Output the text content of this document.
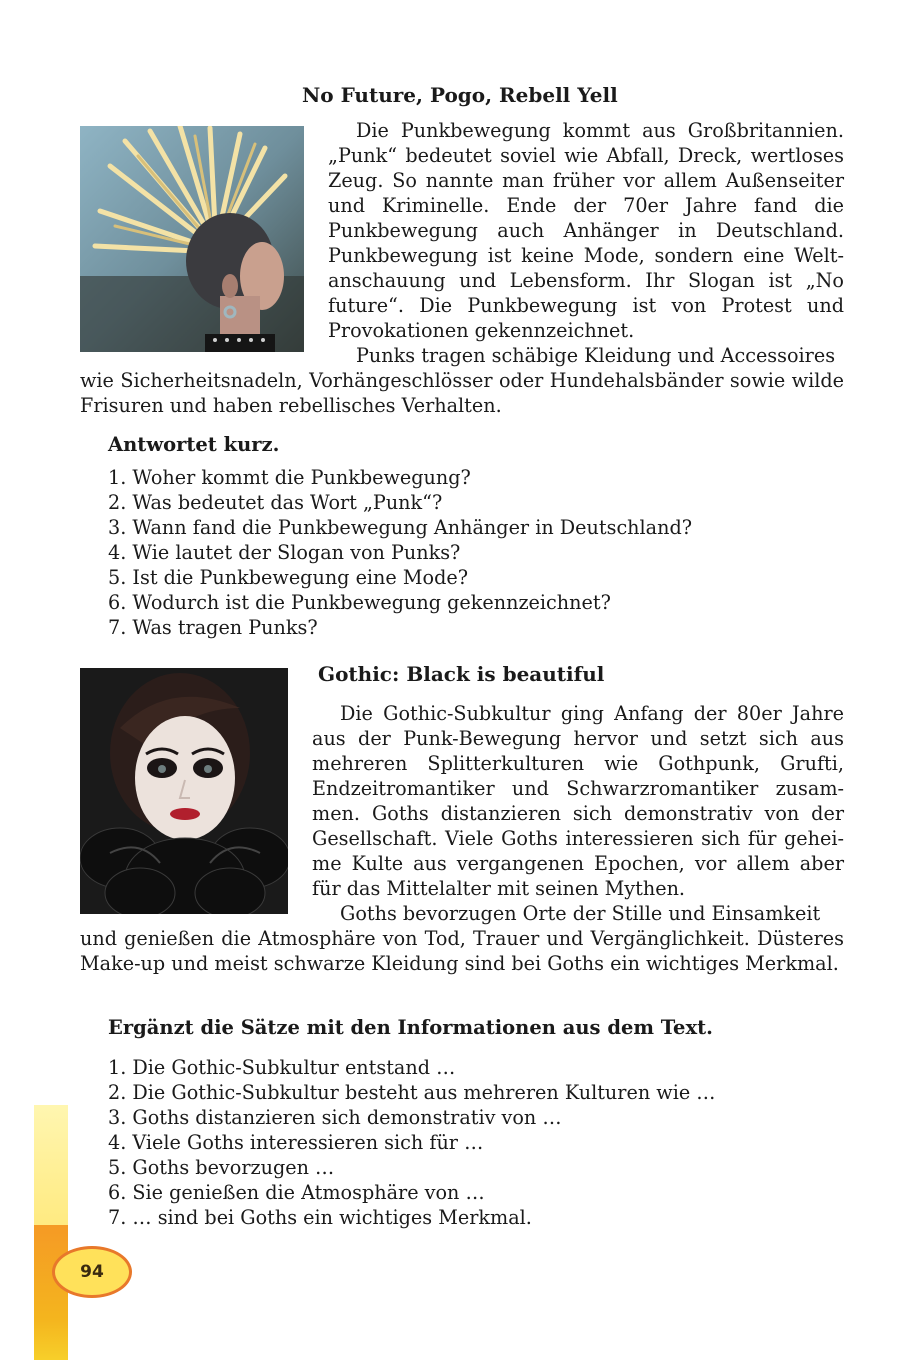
94
No Future, Pogo, Rebell Yell
Die Punkbewegung kommt aus Großbritannien. „Punk“ bedeutet soviel wie Abfall, Dreck, wertloses Zeug. So nannte man früher vor allem Außenseiter und Kriminelle. Ende der 70er Jahre fand die Punkbewegung auch Anhänger in Deutschland. Punkbewegung ist keine Mode, sondern eine Weltanschauung und Lebensform. Ihr Slogan ist „No future“. Die Punkbewegung ist von Protest und Provokationen gekennzeichnet.
Punks tragen schäbige Kleidung und Accessoires
wie Sicherheitsnadeln, Vorhängeschlösser oder Hundehalsbänder sowie wilde Frisuren und haben rebellisches Verhalten.
Antwortet kurz.
1. Woher kommt die Punkbewegung?
2. Was bedeutet das Wort „Punk“?
3. Wann fand die Punkbewegung Anhänger in Deutschland?
4. Wie lautet der Slogan von Punks?
5. Ist die Punkbewegung eine Mode?
6. Wodurch ist die Punkbewegung gekennzeichnet?
7. Was tragen Punks?
Gothic: Black is beautiful
Die Gothic-Subkultur ging Anfang der 80er Jahre aus der Punk-Bewegung hervor und setzt sich aus mehreren Splitterkulturen wie Gothpunk, Grufti, Endzeitromantiker und Schwarzromantiker zusammen. Goths distanzieren sich demonstrativ von der Gesellschaft. Viele Goths interessieren sich für geheime Kulte aus vergangenen Epochen, vor allem aber für das Mittelalter mit seinen Mythen.
Goths bevorzugen Orte der Stille und Einsamkeit
und genießen die Atmosphäre von Tod, Trauer und Vergänglichkeit. Düsteres Make-up und meist schwarze Kleidung sind bei Goths ein wichtiges Merkmal.
Ergänzt die Sätze mit den Informationen aus dem Text.
1. Die Gothic-Subkultur entstand …
2. Die Gothic-Subkultur besteht aus mehreren Kulturen wie …
3. Goths distanzieren sich demonstrativ von …
4. Viele Goths interessieren sich für …
5. Goths bevorzugen …
6. Sie genießen die Atmosphäre von …
7. … sind bei Goths ein wichtiges Merkmal.
